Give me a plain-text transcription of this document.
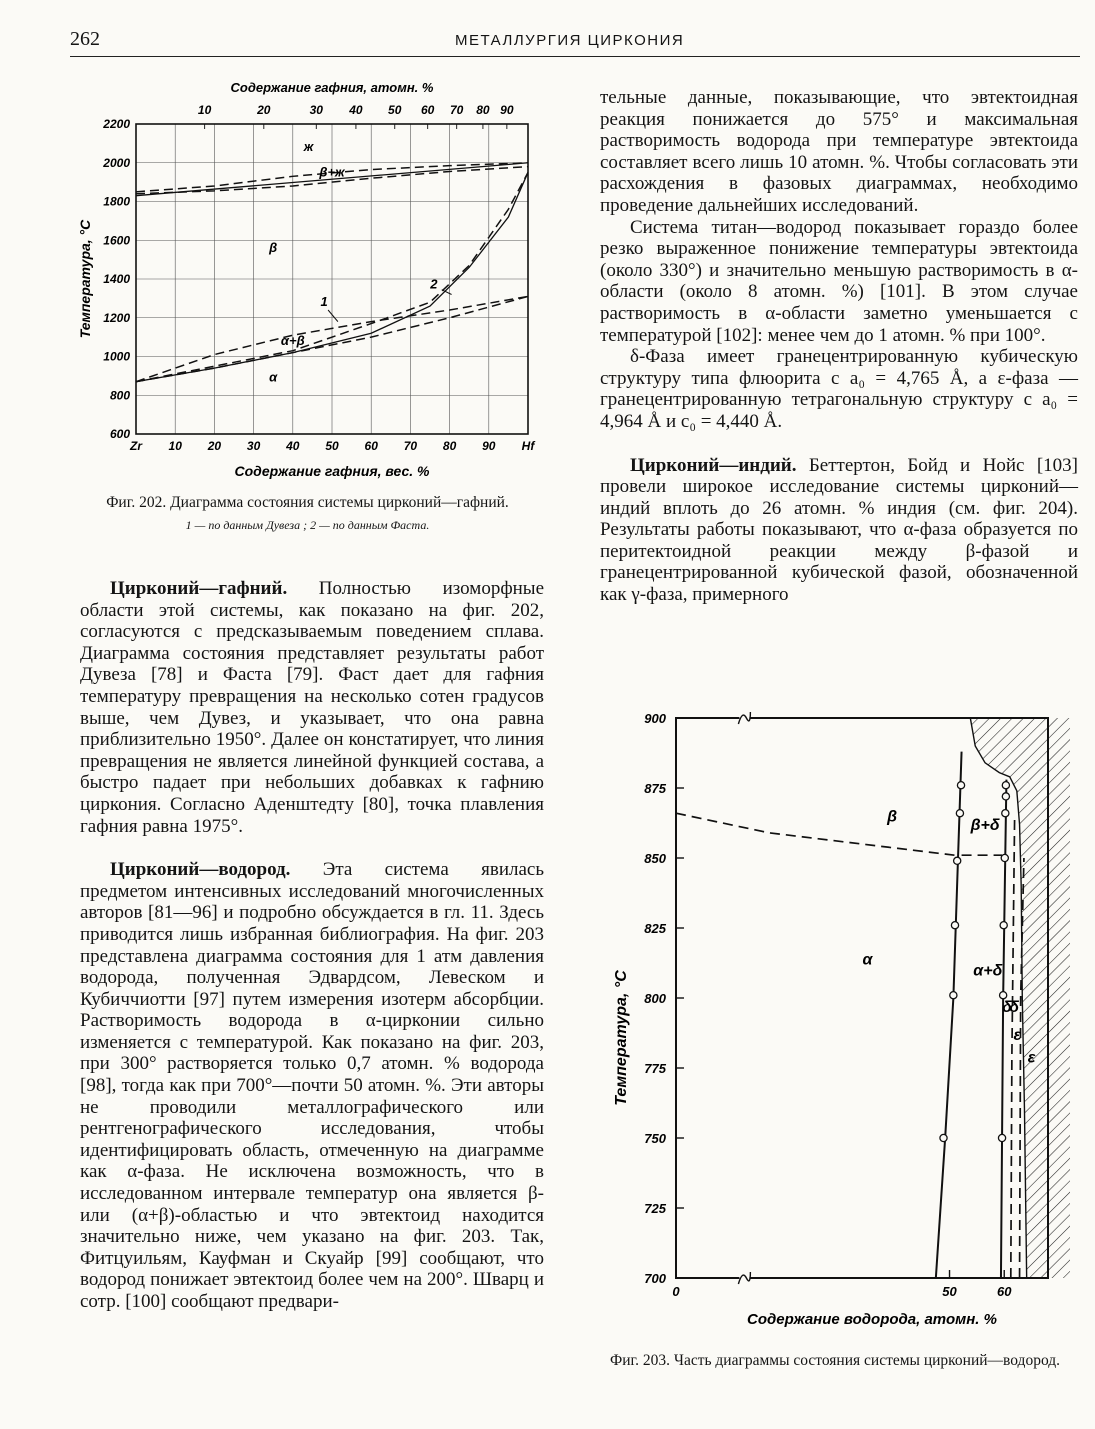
262	МЕТАЛЛУРГИЯ ЦИРКОНИЯ
Содержание гафния, атомн. %
10	20	30 40 50 60 70 80 90
600
800
1000
1200
1400
1600
1800
2000
2200
Zr 10 20 30 40 50 60 70 80 90 Hf
Содержание гафния, вес. %
Температура, °С
ж
β+ж
β
α+β
α
1
2
Фиг. 202. Диаграмма состояния системы цирконий—гафний.
1 — по данным Дувеза ; 2 — по данным Фаста.

Цирконий—гафний. Полностью изоморфные области этой системы, как показано на фиг. 202, согласуются с предсказываемым поведением сплава. Диаграмма состояния представляет результаты работ Дувеза [78] и Фаста [79]. Фаст дает для гафния температуру превращения на несколько сотен градусов выше, чем Дувез, и указывает, что она равна приблизительно 1950°. Далее он констатирует, что линия превращения не является линейной функцией состава, а быстро падает при небольших добавках к гафнию циркония. Согласно Аденштедту [80], точка плавления гафния равна 1975°.

Цирконий—водород. Эта система явилась предметом интенсивных исследований многочисленных авторов [81—96] и подробно обсуждается в гл. 11. Здесь приводится лишь избранная библиография. На фиг. 203 представлена диаграмма состояния для 1 атм давления водорода, полученная Эдвардсом, Левеском и Кубиччиотти [97] путем измерения изотерм абсорбции. Растворимость водорода в α-цирконии сильно изменяется с температурой. Как показано на фиг. 203, при 300° растворяется только 0,7 атомн. % водорода [98], тогда как при 700°—почти 50 атомн. %. Эти авторы не проводили металлографического или рентгенографического исследования, чтобы идентифицировать область, отмеченную на диаграмме как α-фаза. Не исключена возможность, что в исследованном интервале температур она является β- или (α+β)-областью и что эвтектоид находится значительно ниже, чем указано на фиг. 203. Так, Фитцуильям, Кауфман и Скуайр [99] сообщают, что водород понижает эвтектоид более чем на 200°. Шварц и сотр. [100] сообщают предвари-

тельные данные, показывающие, что эвтектоидная реакция понижается до 575° и максимальная растворимость водорода при температуре эвтектоида составляет всего лишь 10 атомн. %. Чтобы согласовать эти расхождения в фазовых диаграммах, необходимо проведение дальнейших исследований.

Система титан—водород показывает гораздо более резко выраженное понижение температуры эвтектоида (около 330°) и значительно меньшую растворимость в α-области (около 8 атомн. %) [101]. В этом случае растворимость в α-области заметно уменьшается с температурой [102]: менее чем до 1 атомн. % при 100°.

δ-Фаза имеет гранецентрированную кубическую структуру типа флюорита с a₀ = 4,765 Å, а ε-фаза — гранецентрированную тетрагональную структуру с a₀ = 4,964 Å и c₀ = 4,440 Å.

Цирконий—индий. Беттертон, Бойд и Нойс [103] провели широкое исследование системы цирконий—индий вплоть до 26 атомн. % индия (см. фиг. 204). Результаты работы показывают, что α-фаза образуется по перитектоидной реакции между β-фазой и гранецентрированной кубической фазой, обозначенной как γ-фаза, примерного

700
725
750
775
800
825
850
875
900
0	50	60
Содержание водорода, атомн. %
Температура, °С
β	β+δ
α
α+δ
δ
δ
ε
ε
Фиг. 203. Часть диаграммы состояния системы цирконий—водород.
